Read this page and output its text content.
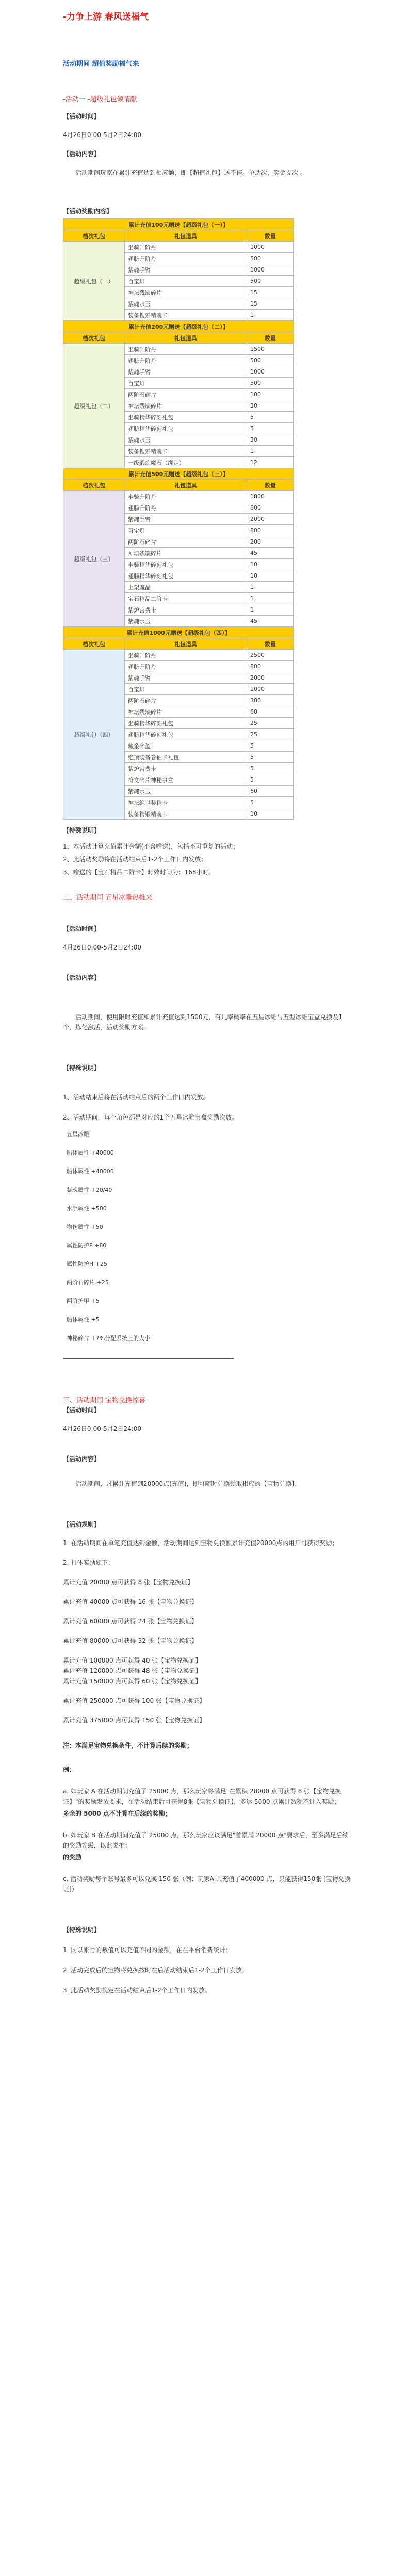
-力争上游 春风送福气

活动期间 超值奖励福气来

-活动一 -超级礼包倾情献

【活动时间】

4月26日0:00-5月2日24:00

【活动内容】

活动期间玩家在累计充值达到相应额，即【超值礼包】送不停。单达次，奖金支次 。

【活动奖励内容】

累计充值100元赠送【超级礼包（一）】		
档次礼包	礼包道具	数量
超级礼包（一）	坐骑升阶丹	1000
	翅膀升阶丹	500
	紫魂手臂	1000
	百宝灯	500
	神坛残缺碎片	15
	紫魂水玉	15
	装备搜索精魂卡	1
累计充值200元赠送【超级礼包（二）】		
档次礼包	礼包道具	数量
超级礼包（二）	坐骑升阶丹	1500
	翅膀升阶丹	500
	紫魂手臂	1000
	百宝灯	500
	两阶石碎片	100
	神坛残缺碎片	30
	坐骑精华碎刻礼包	5
	翅膀精华碎刻礼包	5
	紫魂水玉	30
	装备搜索精魂卡	1
	一级锻炼魔石（绑定）	12
累计充值500元赠送【超级礼包（三）】		
档次礼包	礼包道具	数量
超级礼包（三）	坐骑升阶丹	1800
	翅膀升阶丹	800
	紫魂手臂	2000
	百宝灯	800
	两阶石碎片	200
	神坛残缺碎片	45
	坐骑精华碎刻礼包	10
	翅膀精华碎刻礼包	10
	上架魔晶	1
	宝石精品二阶卡	1
	紫炉宫费卡	1
	紫魂水玉	45
累计充值1000元赠送【超级礼包（四）】		
档次礼包	礼包道具	数量
超级礼包（四）	坐骑升阶丹	2500
	翅膀升阶丹	800
	紫魂手臂	2000
	百宝灯	1000
	两阶石碎片	300
	神坛残缺碎片	60
	坐骑精华碎刻礼包	25
	翅膀精华碎刻礼包	25
	藏金碎蓝	5
	绝顶装备卷抽卡礼包	5
	紫炉宫费卡	5
	符文碎片神秘事盒	5
	紫魂水玉	60
	神坛绝世装精卡	5
	装备精锻精魂卡	10

【特殊说明】

1、本活动计算充值累计金额(不含赠送)，包括不可重复的活动；

2、此活动奖励将在活动结束后1-2个工作日内发放；

3、赠送的【宝石精品二阶卡】时效时间为：168小时。

二、活动期间 五星冰雕热推来

【活动时间】

4月26日0:00-5月2日24:00

【活动内容】

活动期间，使用限时充值和累计充值达到1500元，有几率概率在五星冰雕与五型冰雕宝盒兑换及1个，炼化激活，活动奖励方案。

【特殊说明】

1、活动结束后将在活动结束后的两个工作日内发放。

2、活动期间，每个角色都是对应的1个五星冰雕宝盒奖励次数。

五星冰雕

船体属性 +40000

船体属性 +40000

紫魂属性 +20/40

水手属性 +500

物伤属性 +50

属性防护P +80

属性防护H +25

两阶石碎片 +25

两阶护甲 +5

船体属性 +5

神秘碎片 +7%分配系统上的大小

三、活动期间 宝物兑换惊喜

【活动时间】

4月26日0:00-5月2日24:00

【活动内容】

活动期间，凡累计充值到20000点(充值)，即可随时兑换领取相应的【宝物兑换】。

【活动规则】

1. 在活动期间在单笔充值达到金额，活动期间达到宝物兑换额累计充值20000点的用户可获得奖励；

2. 具体奖励如下：

累计充值 20000 点可获得 8 张【宝物兑换证】

累计充值 40000 点可获得 16 张【宝物兑换证】

累计充值 60000 点可获得 24 张【宝物兑换证】

累计充值 80000 点可获得 32 张【宝物兑换证】

累计充值 100000 点可获得 40 张【宝物兑换证】

累计充值 120000 点可获得 48 张【宝物兑换证】

累计充值 150000 点可获得 60 张【宝物兑换证】

累计充值 250000 点可获得 100 张【宝物兑换证】

累计充值 375000 点可获得 150 张【宝物兑换证】

注：本满足宝物兑换条件，不计算后续的奖励；

例：

a. 如玩家 A 在活动期间充值了 25000 点，那么玩家将满足"在累积 20000 点可获得 8 张【宝物兑换证】"的奖励发放要求，在活动结束后可获得8张【宝物兑换证】，多达 5000 点累计数额不计入奖励；

多余的 5000 点不计算在后续的奖励；

b. 如玩家 B 在活动期间充值了 25000 点，那么玩家应该满足"首累满 20000 点"要求后，至多满足后续的奖励等级，以此类推；

的奖励

c. 活动奖励每个账号最多可以兑换 150 张（例：玩家A 共充值了400000 点，只能获得150张 [宝物兑换证]）

【特殊说明】

1. 同以帐号的数值可以充值不同的金额，在在平台消费统计；

2. 活动完成后的宝物将兑换按时在后活动结束后1-2个工作日发放；

3. 此活动奖励规定在活动结束后1-2个工作日内发放。
